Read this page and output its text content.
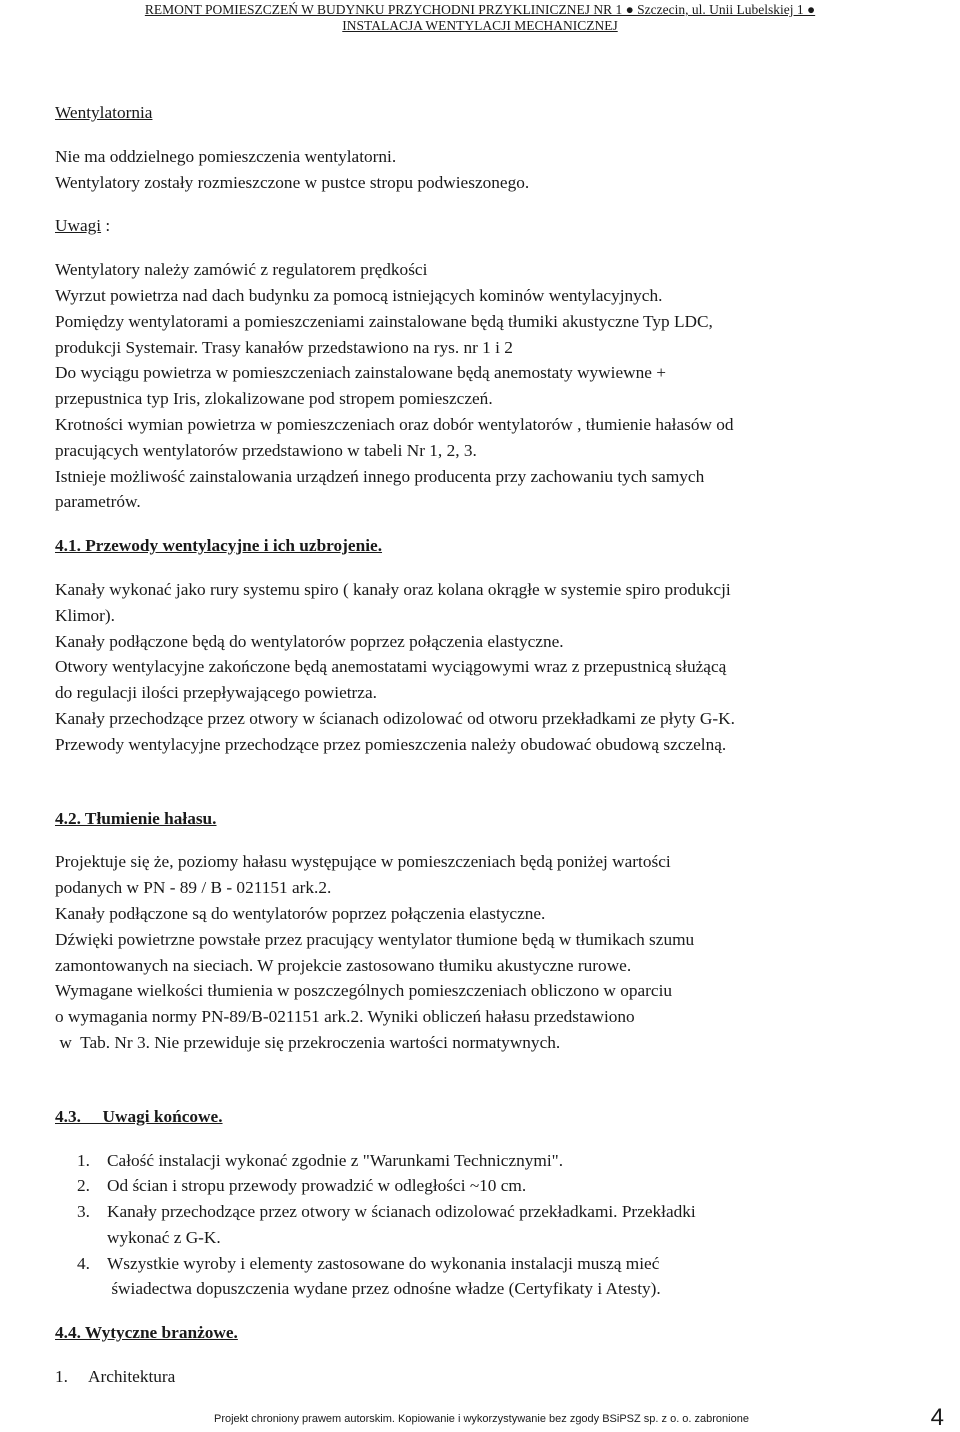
REMONT POMIESZCZEŃ W BUDYNKU PRZYCHODNI PRZYKLINICZNEJ NR 1 ● Szczecin, ul. Unii Lubelskiej 1 ●
INSTALACJA WENTYLACJI MECHANICZNEJ

Wentylatornia

Nie ma oddzielnego pomieszczenia wentylatorni.

Wentylatory zostały rozmieszczone w pustce stropu podwieszonego.

Uwagi :

Wentylatory należy zamówić z regulatorem prędkości

Wyrzut powietrza nad dach budynku za pomocą istniejących kominów wentylacyjnych.

Pomiędzy wentylatorami a pomieszczeniami zainstalowane będą tłumiki akustyczne Typ LDC,

produkcji Systemair. Trasy kanałów przedstawiono na rys. nr 1 i 2

Do wyciągu powietrza w pomieszczeniach zainstalowane będą anemostaty wywiewne +

przepustnica typ Iris, zlokalizowane pod stropem pomieszczeń.

Krotności wymian powietrza w pomieszczeniach oraz dobór wentylatorów , tłumienie hałasów od

pracujących wentylatorów przedstawiono w tabeli Nr 1, 2, 3.

Istnieje możliwość zainstalowania urządzeń innego producenta przy zachowaniu tych samych

parametrów.

4.1. Przewody wentylacyjne i ich uzbrojenie.

Kanały wykonać jako rury systemu spiro ( kanały oraz kolana okrągłe w systemie spiro produkcji

Klimor).

Kanały podłączone będą do wentylatorów poprzez połączenia elastyczne.

Otwory wentylacyjne zakończone będą anemostatami wyciągowymi wraz z przepustnicą służącą

do regulacji ilości przepływającego powietrza.

Kanały przechodzące przez otwory w ścianach odizolować od otworu przekładkami ze płyty G-K.

Przewody wentylacyjne przechodzące przez pomieszczenia należy obudować obudową szczelną.

4.2. Tłumienie hałasu.

Projektuje się że, poziomy hałasu występujące w pomieszczeniach będą poniżej wartości

podanych w PN - 89 / B - 021151 ark.2.

Kanały podłączone są do wentylatorów poprzez połączenia elastyczne.

Dźwięki powietrzne powstałe przez pracujący wentylator tłumione będą w tłumikach szumu

zamontowanych na sieciach. W projekcie zastosowano tłumiku akustyczne rurowe.

Wymagane wielkości tłumienia w poszczególnych pomieszczeniach obliczono w oparciu

o wymagania normy PN-89/B-021151 ark.2. Wyniki obliczeń hałasu przedstawiono

w  Tab. Nr 3. Nie przewiduje się przekroczenia wartości normatywnych.

4.3.     Uwagi końcowe.

1. Całość instalacji wykonać zgodnie z "Warunkami Technicznymi".
2. Od ścian i stropu przewody prowadzić w odległości ~10 cm.
3. Kanały przechodzące przez otwory w ścianach odizolować przekładkami. Przekładki
wykonać z G-K.
4. Wszystkie wyroby i elementy zastosowane do wykonania instalacji muszą mieć
świadectwa dopuszczenia wydane przez odnośne władze (Certyfikaty i Atesty).

4.4. Wytyczne branżowe.

1.	Architektura
Projekt chroniony prawem autorskim. Kopiowanie i wykorzystywanie bez zgody BSiPSZ sp. z o. o. zabronione	4
